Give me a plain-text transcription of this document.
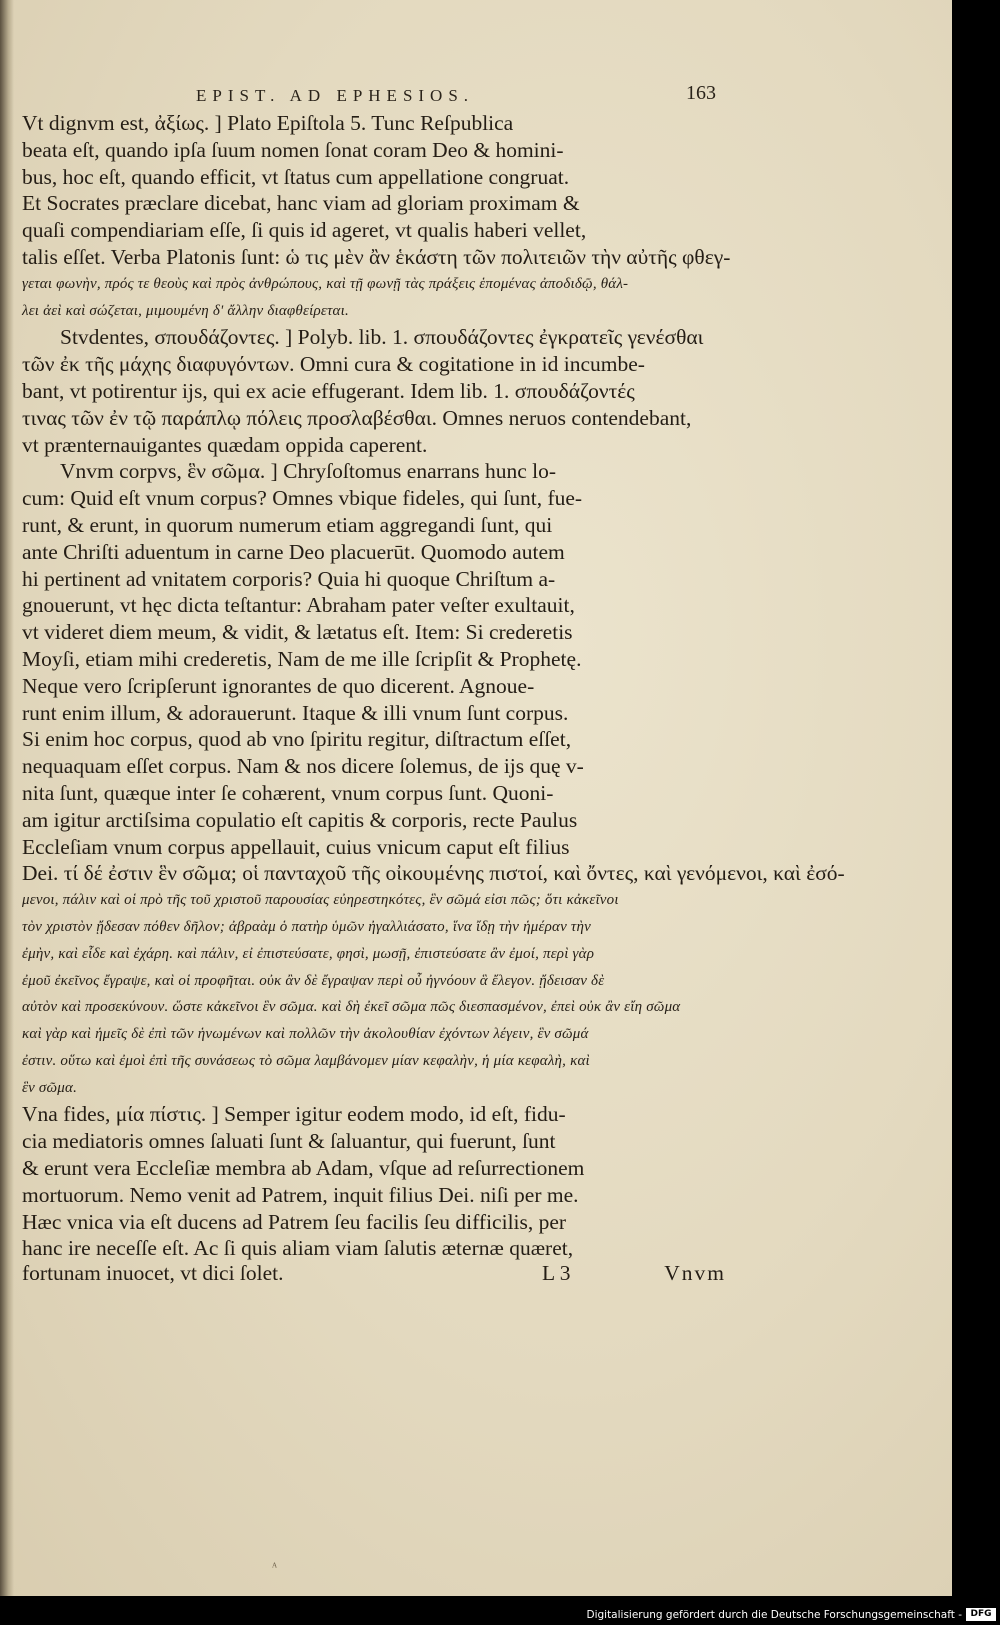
EPIST. AD EPHESIOS.	163
Vt dignvm est, ἀξίως. ] Plato Epiſtola 5. Tunc Reſpublica
beata eſt, quando ipſa ſuum nomen ſonat coram Deo & homini-
bus, hoc eſt, quando efficit, vt ſtatus cum appellatione congruat.
Et Socrates præclare dicebat, hanc viam ad gloriam proximam &
quaſi compendiariam eſſe, ſi quis id ageret, vt qualis haberi vellet,
talis eſſet. Verba Platonis ſunt: ὡ τις μὲν ἂν ἑκάστη τῶν πολιτειῶν τὴν αὐτῆς φθεγ-
γεται φωνὴν, πρός τε θεοὺς καὶ πρὸς ἀνθρώπους, καὶ τῇ φωνῇ τὰς πράξεις ἑπομένας ἀποδιδῷ, θάλ-
λει ἀεὶ καὶ σώζεται, μιμουμένη δ' ἄλλην διαφθείρεται.
Stvdentes, σπουδάζοντες. ] Polyb. lib. 1. σπουδάζοντες ἐγκρατεῖς γενέσθαι
τῶν ἐκ τῆς μάχης διαφυγόντων. Omni cura & cogitatione in id incumbe-
bant, vt potirentur ijs, qui ex acie effugerant. Idem lib. 1. σπουδάζοντές
τινας τῶν ἐν τῷ παράπλῳ πόλεις προσλαβέσθαι. Omnes neruos contendebant,
vt prænternauigantes quædam oppida caperent.
Vnvm corpvs, ἓν σῶμα. ] Chryſoſtomus enarrans hunc lo-
cum: Quid eſt vnum corpus? Omnes vbique fideles, qui ſunt, fue-
runt, & erunt, in quorum numerum etiam aggregandi ſunt, qui
ante Chriſti aduentum in carne Deo placuerūt. Quomodo autem
hi pertinent ad vnitatem corporis? Quia hi quoque Chriſtum a-
gnouerunt, vt hęc dicta teſtantur: Abraham pater veſter exultauit,
vt videret diem meum, & vidit, & lætatus eſt. Item: Si crederetis
Moyſi, etiam mihi crederetis, Nam de me ille ſcripſit & Prophetę.
Neque vero ſcripſerunt ignorantes de quo dicerent. Agnoue-
runt enim illum, & adorauerunt. Itaque & illi vnum ſunt corpus.
Si enim hoc corpus, quod ab vno ſpiritu regitur, diſtractum eſſet,
nequaquam eſſet corpus. Nam & nos dicere ſolemus, de ijs quę v-
nita ſunt, quæque inter ſe cohærent, vnum corpus ſunt. Quoni-
am igitur arctiſsima copulatio eſt capitis & corporis, recte Paulus
Eccleſiam vnum corpus appellauit, cuius vnicum caput eſt filius
Dei. τί δέ ἐστιν ἓν σῶμα; οἱ πανταχοῦ τῆς οἰκουμένης πιστοί, καὶ ὄντες, καὶ γενόμενοι, καὶ ἐσό-
μενοι, πάλιν καὶ οἱ πρὸ τῆς τοῦ χριστοῦ παρουσίας εὐηρεστηκότες, ἓν σῶμά εἰσι πῶς; ὅτι κἀκεῖνοι
τὸν χριστὸν ᾔδεσαν πόθεν δῆλον; ἀβραὰμ ὁ πατὴρ ὑμῶν ἠγαλλιάσατο, ἵνα ἴδῃ τὴν ἡμέραν τὴν
ἐμὴν, καὶ εἶδε καὶ ἐχάρη. καὶ πάλιν, εἰ ἐπιστεύσατε, φησὶ, μωσῇ, ἐπιστεύσατε ἂν ἐμοί, περὶ γὰρ
ἐμοῦ ἐκεῖνος ἔγραψε, καὶ οἱ προφῆται. οὐκ ἂν δὲ ἔγραψαν περὶ οὗ ἠγνόουν ἃ ἔλεγον. ᾔδεισαν δὲ
αὐτὸν καὶ προσεκύνουν. ὥστε κἀκεῖνοι ἓν σῶμα. καὶ δὴ ἐκεῖ σῶμα πῶς διεσπασμένον, ἐπεὶ οὐκ ἂν εἴη σῶμα
καὶ γὰρ καὶ ἡμεῖς δὲ ἐπὶ τῶν ἡνωμένων καὶ πολλῶν τὴν ἀκολουθίαν ἐχόντων λέγειν, ἓν σῶμά
ἐστιν. οὕτω καὶ ἐμοὶ ἐπὶ τῆς συνάσεως τὸ σῶμα λαμβάνομεν μίαν κεφαλὴν, ἡ μία κεφαλὴ, καὶ
ἓν σῶμα.
Vna fides, μία πίστις. ] Semper igitur eodem modo, id eſt, fidu-
cia mediatoris omnes ſaluati ſunt & ſaluantur, qui fuerunt, ſunt
& erunt vera Eccleſiæ membra ab Adam, vſque ad reſurrectionem
mortuorum. Nemo venit ad Patrem, inquit filius Dei. niſi per me.
Hæc vnica via eſt ducens ad Patrem ſeu facilis ſeu difficilis, per
hanc ire neceſſe eſt. Ac ſi quis aliam viam ſalutis æternæ quæret,
fortunam inuocet, vt dici ſolet.	L 3	Vnvm
ᴬ
Digitalisierung gefördert durch die Deutsche Forschungsgemeinschaft - DFG
